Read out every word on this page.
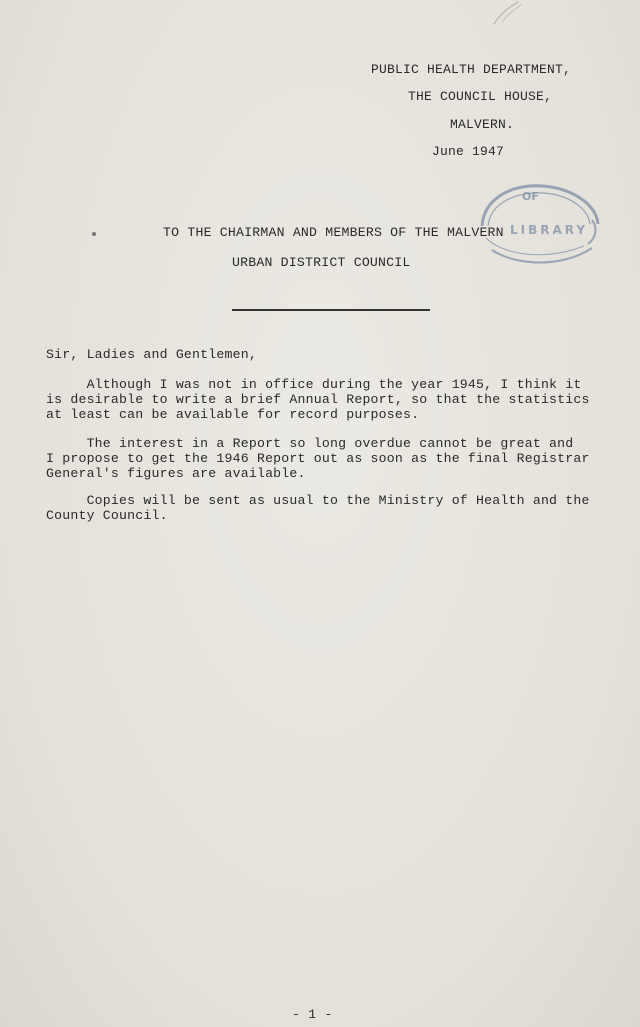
PUBLIC HEALTH DEPARTMENT,

THE COUNCIL HOUSE,

MALVERN.

June 1947

TO THE CHAIRMAN AND MEMBERS OF THE MALVERN

URBAN DISTRICT COUNCIL

OF
LIBRARY

Sir, Ladies and Gentlemen,

Although I was not in office during the year 1945, I think it

is desirable to write a brief Annual Report, so that the statistics

at least can be available for record purposes.

The interest in a Report so long overdue cannot be great and

I propose to get the 1946 Report out as soon as the final Registrar

General's figures are available.

Copies will be sent as usual to the Ministry of Health and the

County Council.

- 1 -
